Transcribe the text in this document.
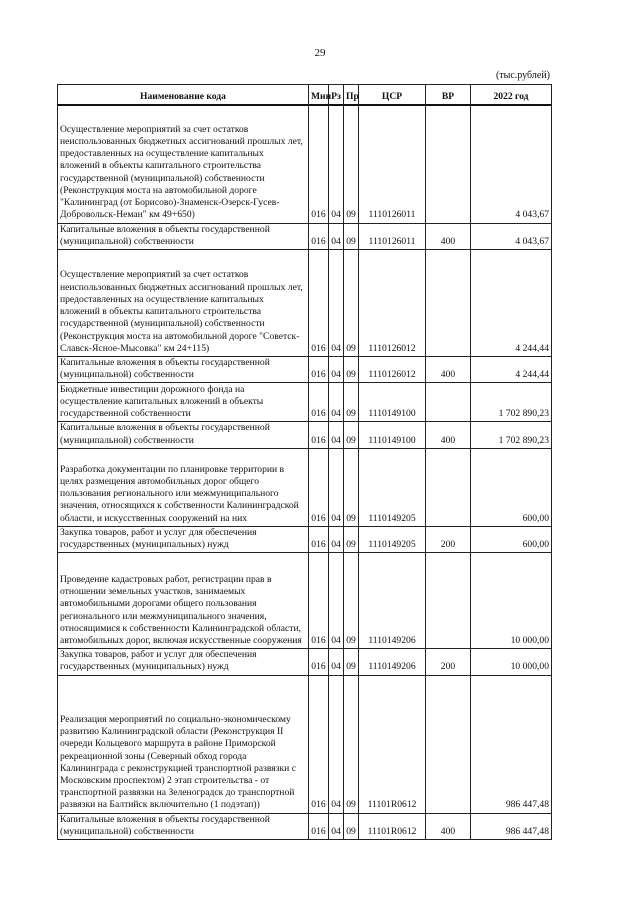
29
(тыс.рублей)
Наименование кода	Мин	Рз	Пр	ЦСР	ВР	2022 год
Осуществление мероприятий за счет остатков неиспользованных бюджетных ассигнований прошлых лет, предоставленных на осуществление капитальных вложений в объекты капитального строительства государственной (муниципальной) собственности (Реконструкция моста на автомобильной дороге "Калининград (от Борисово)-Знаменск-Озерск-Гусев-Добровольск-Неман" км 49+650)	016	04	09	1110126011		4 043,67
Капитальные вложения в объекты государственной (муниципальной) собственности	016	04	09	1110126011	400	4 043,67
Осуществление мероприятий за счет остатков неиспользованных бюджетных ассигнований прошлых лет, предоставленных на осуществление капитальных вложений в объекты капитального строительства государственной (муниципальной) собственности (Реконструкция моста на автомобильной дороге "Советск-Славск-Ясное-Мысовка" км 24+115)	016	04	09	1110126012		4 244,44
Капитальные вложения в объекты государственной (муниципальной) собственности	016	04	09	1110126012	400	4 244,44
Бюджетные инвестиции дорожного фонда на осуществление капитальных вложений в объекты государственной собственности	016	04	09	1110149100		1 702 890,23
Капитальные вложения в объекты государственной (муниципальной) собственности	016	04	09	1110149100	400	1 702 890,23
Разработка документации по планировке территории в целях размещения автомобильных дорог общего пользования регионального или межмуниципального значения, относящихся к собственности Калининградской области, и искусственных сооружений на них	016	04	09	1110149205		600,00
Закупка товаров, работ и услуг для обеспечения государственных (муниципальных) нужд	016	04	09	1110149205	200	600,00
Проведение кадастровых работ, регистрации прав в отношении земельных участков, занимаемых автомобильными дорогами общего пользования регионального или межмуниципального значения, относящимися к собственности Калининградской области, автомобильных дорог, включая искусственные сооружения	016	04	09	1110149206		10 000,00
Закупка товаров, работ и услуг для обеспечения государственных (муниципальных) нужд	016	04	09	1110149206	200	10 000,00
Реализация мероприятий по социально-экономическому развитию Калининградской области (Реконструкция II очереди Кольцевого маршрута в районе Приморской рекреационной зоны (Северный обход города Калининграда с реконструкцией транспортной развязки с Московским проспектом) 2 этап строительства - от транспортной развязки на Зеленоградск до транспортной развязки на Балтийск включительно (1 подэтап))	016	04	09	11101R0612		986 447,48
Капитальные вложения в объекты государственной (муниципальной) собственности	016	04	09	11101R0612	400	986 447,48
